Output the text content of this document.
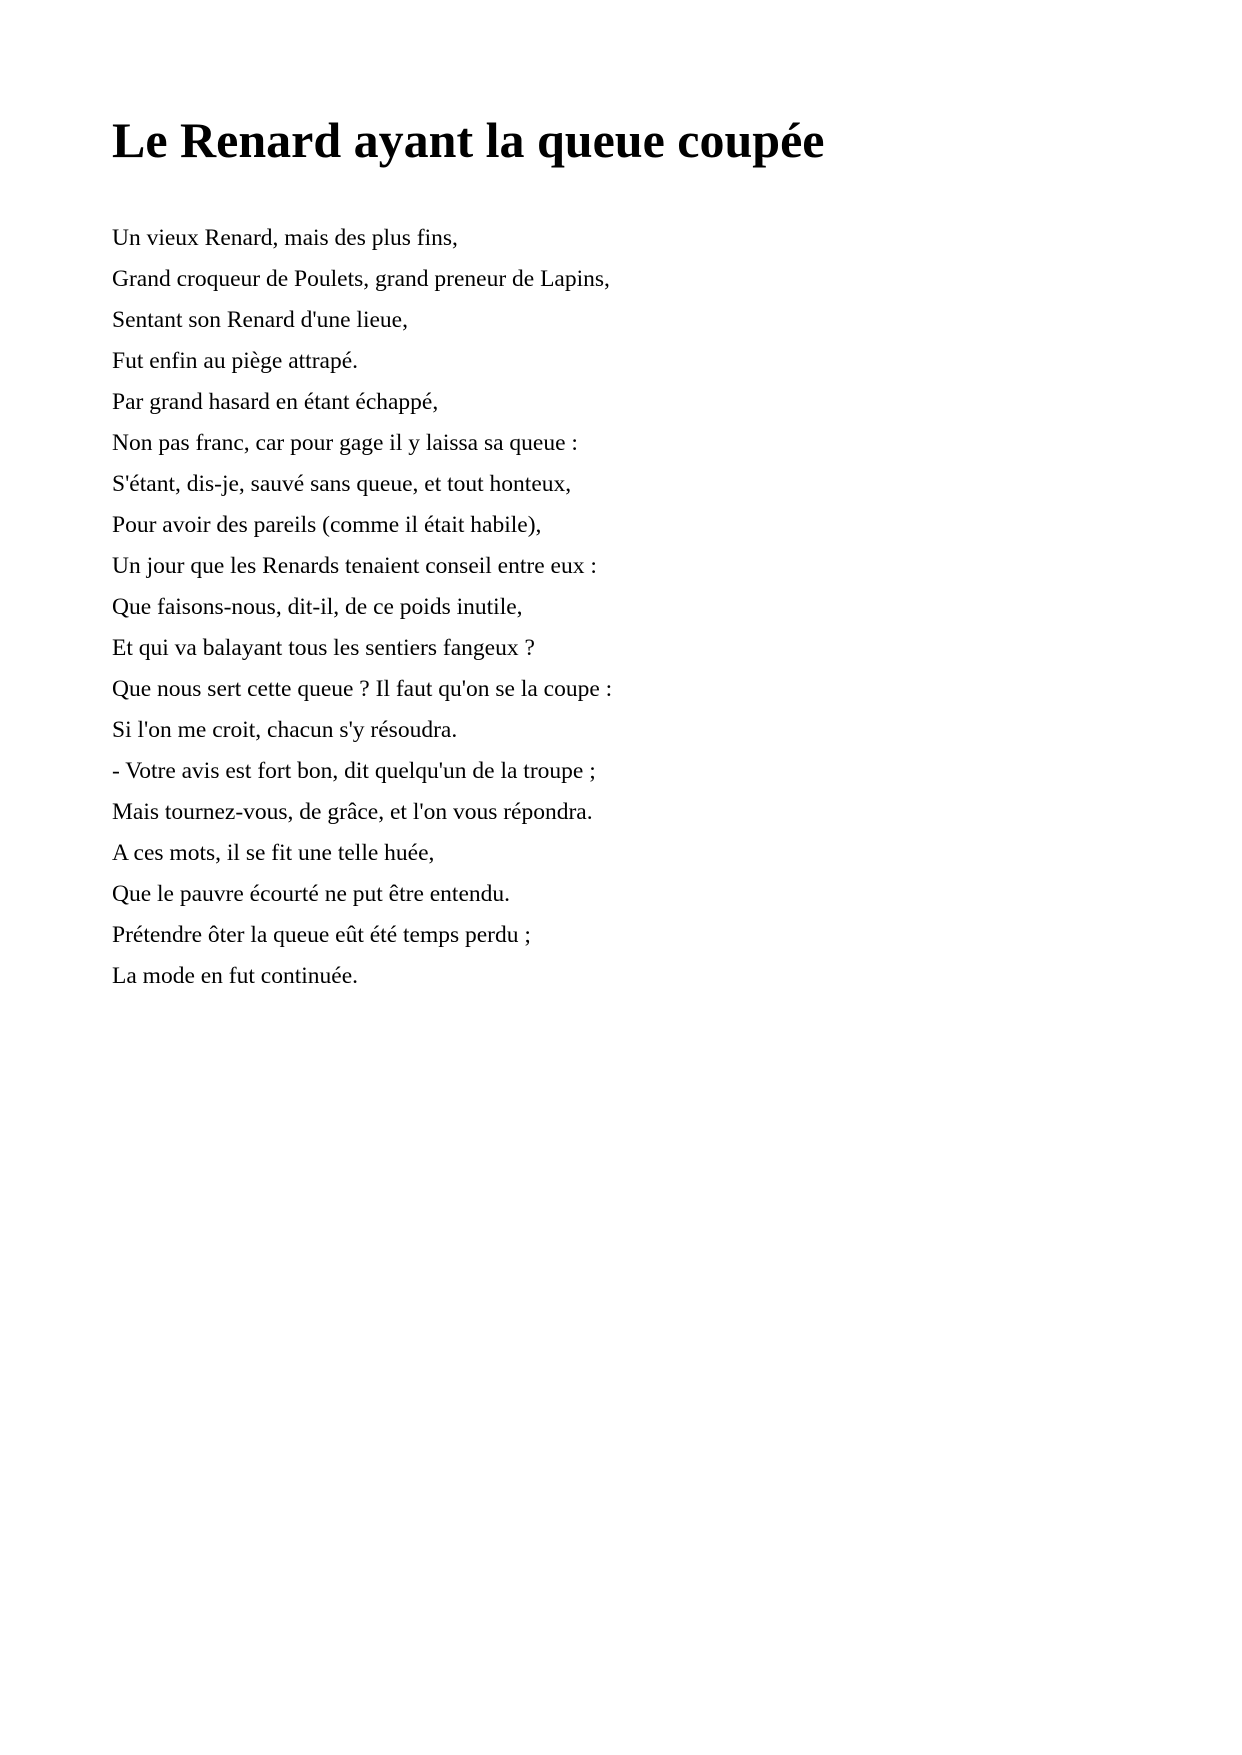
Le Renard ayant la queue coupée
Un vieux Renard, mais des plus fins,
Grand croqueur de Poulets, grand preneur de Lapins,
Sentant son Renard d'une lieue,
Fut enfin au piège attrapé.
Par grand hasard en étant échappé,
Non pas franc, car pour gage il y laissa sa queue :
S'étant, dis-je, sauvé sans queue, et tout honteux,
Pour avoir des pareils (comme il était habile),
Un jour que les Renards tenaient conseil entre eux :
Que faisons-nous, dit-il, de ce poids inutile,
Et qui va balayant tous les sentiers fangeux ?
Que nous sert cette queue ? Il faut qu'on se la coupe :
Si l'on me croit, chacun s'y résoudra.
- Votre avis est fort bon, dit quelqu'un de la troupe ;
Mais tournez-vous, de grâce, et l'on vous répondra.
A ces mots, il se fit une telle huée,
Que le pauvre écourté ne put être entendu.
Prétendre ôter la queue eût été temps perdu ;
La mode en fut continuée.
